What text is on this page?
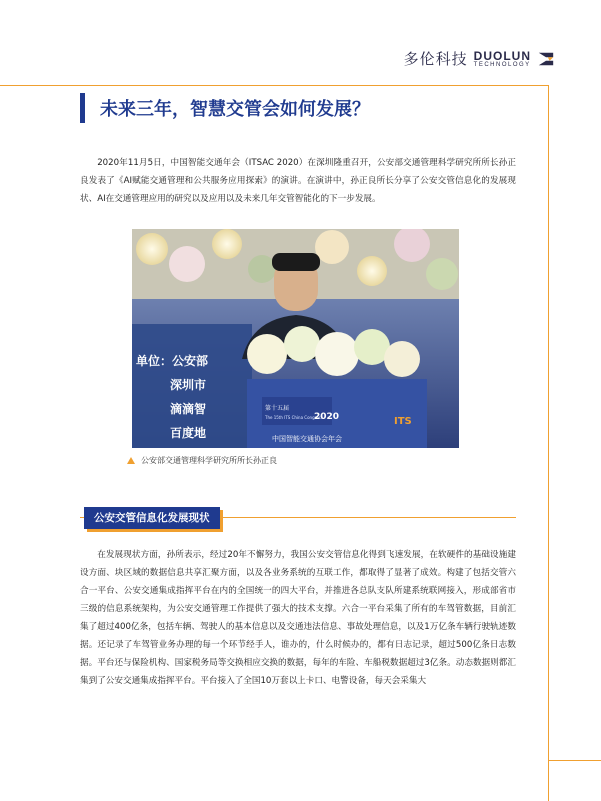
多伦科技 DUOLUN
TECHNOLOGY
未来三年，智慧交管会如何发展？

2020年11月5日，中国智能交通年会（ITSAC 2020）在深圳隆重召开，公安部交通管理科学研究所所长孙正良发表了《AI赋能交通管理和公共服务应用探索》的演讲。在演讲中，孙正良所长分享了公安交管信息化的发展现状、AI在交通管理应用的研究以及应用以及未来几年交管智能化的下一步发展。

单位：公安部
深圳市
滴滴智
百度地
第十五届
The 15th ITS China Congress
2020
中国智能交通协会年会
ITS
公安部交通管理科学研究所所长孙正良
公安交管信息化发展现状

在发展现状方面，孙所表示，经过20年不懈努力，我国公安交管信息化得到飞速发展，在软硬件的基础设施建设方面、块区域的数据信息共享汇聚方面，以及各业务系统的互联工作，都取得了显著了成效。构建了包括交管六合一平台、公安交通集成指挥平台在内的全国统一的四大平台，并推进各总队支队所建系统联网接入，形成部省市三级的信息系统架构，为公安交通管理工作提供了强大的技术支撑。六合一平台采集了所有的车驾管数据，目前汇集了超过400亿条，包括车辆、驾驶人的基本信息以及交通违法信息、事故处理信息，以及1万亿条车辆行驶轨迹数据。还记录了车驾管业务办理的每一个环节经手人，谁办的，什么时候办的，都有日志记录，超过500亿条日志数据。平台还与保险机构、国家税务局等交换相应交换的数据，每年的车险、车船税数据超过3亿条。动态数据则都汇集到了公安交通集成指挥平台。平台接入了全国10万套以上卡口、电警设备，每天会采集大
